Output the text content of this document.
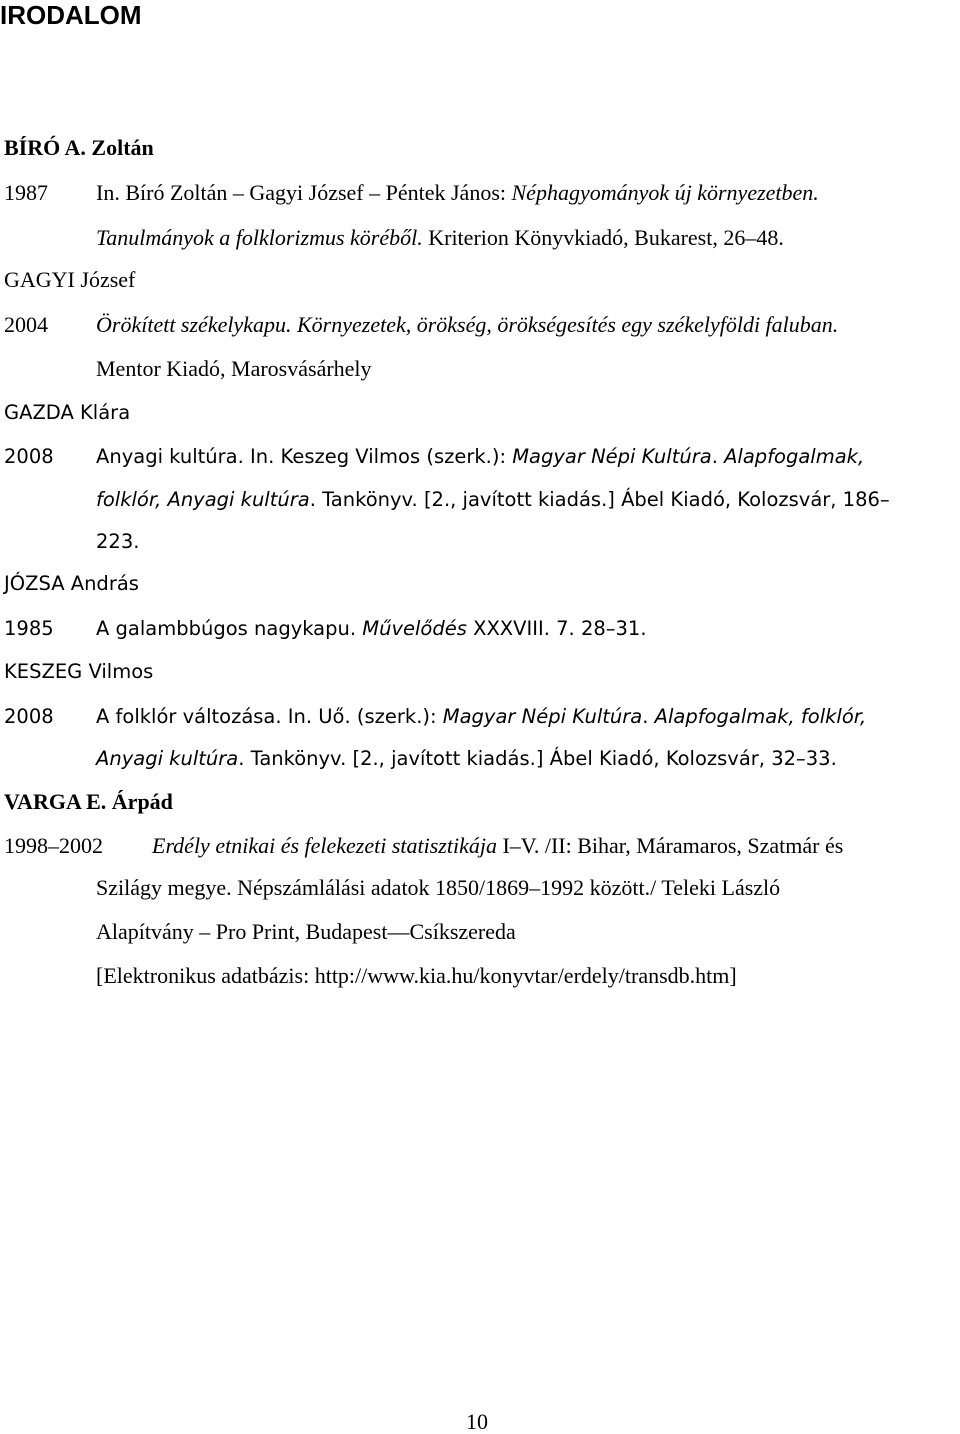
IRODALOM
BÍRÓ A. Zoltán
1987 In. Bíró Zoltán – Gagyi József – Péntek János: Néphagyományok új környezetben.
Tanulmányok a folklorizmus köréből. Kriterion Könyvkiadó, Bukarest, 26–48.
GAGYI József
2004 Örökített székelykapu. Környezetek, örökség, örökségesítés egy székelyföldi faluban.
Mentor Kiadó, Marosvásárhely
GAZDA Klára
2008 Anyagi kultúra. In. Keszeg Vilmos (szerk.): Magyar Népi Kultúra. Alapfogalmak,
folklór, Anyagi kultúra. Tankönyv. [2., javított kiadás.] Ábel Kiadó, Kolozsvár, 186–
223.
JÓZSA András
1985 A galambbúgos nagykapu. Művelődés XXXVIII. 7. 28–31.
KESZEG Vilmos
2008 A folklór változása. In. Uő. (szerk.): Magyar Népi Kultúra. Alapfogalmak, folklór,
Anyagi kultúra. Tankönyv. [2., javított kiadás.] Ábel Kiadó, Kolozsvár, 32–33.
VARGA E. Árpád
1998–2002 Erdély etnikai és felekezeti statisztikája I–V. /II: Bihar, Máramaros, Szatmár és
Szilágy megye. Népszámlálási adatok 1850/1869–1992 között./ Teleki László
Alapítvány – Pro Print, Budapest—Csíkszereda
[Elektronikus adatbázis: http://www.kia.hu/konyvtar/erdely/transdb.htm]
10
